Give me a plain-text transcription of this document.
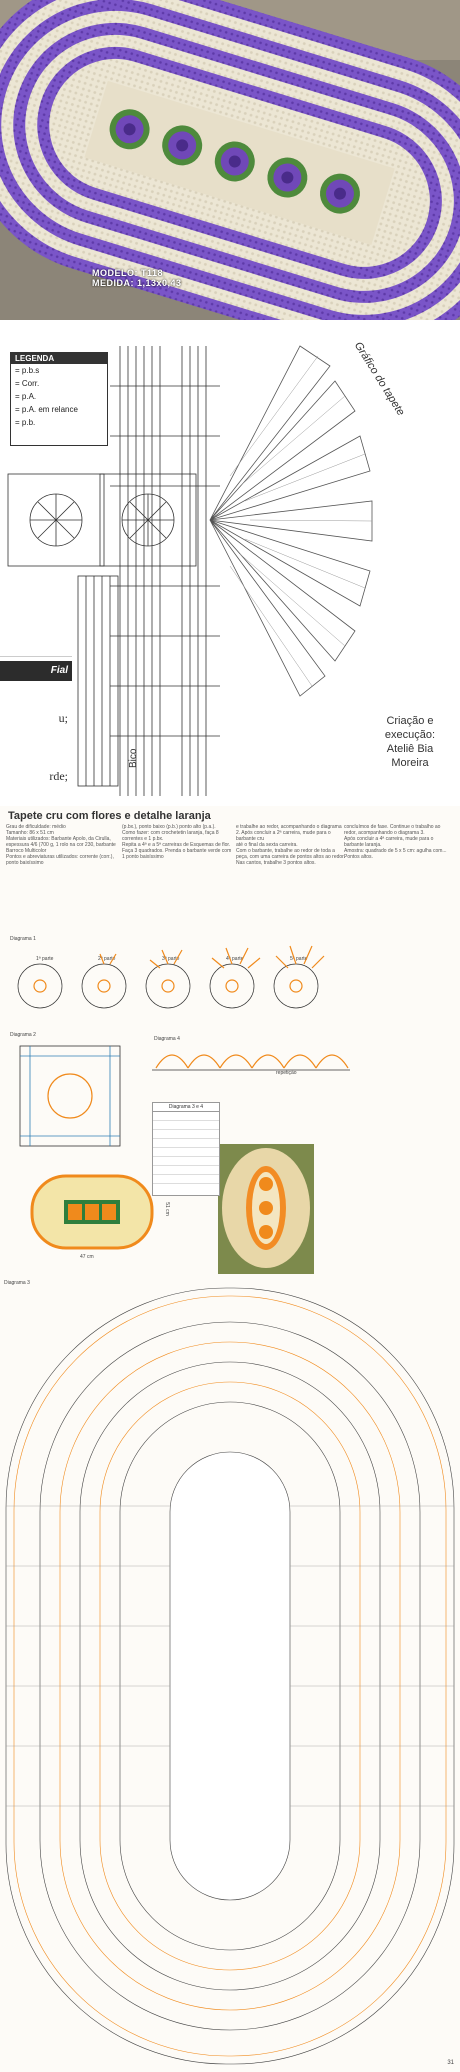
MODELO: T118
MEDIDA: 1,13x0,43
LEGENDA
= p.b.s
= Corr.
= p.A.
= p.A. em relance
= p.b.
Gráfico do tapete
Criação e
execução:
Ateliê Bia
Moreira
Bico
Fial
u;
rde;
Tapete cru com flores e detalhe laranja
Grau de dificuldade: médio
Tamanho: 86 x 51 cm
Materiais utilizados: Barbante Apolo, da Cirulla, espessura 4/6 (700 g, 1 rolo na cor 230, barbante Barroco Multicolor
Pontos e abreviaturas utilizados: corrente (corr.), ponto baixíssimo
(p.bx.), ponto baixo (p.b.) ponto alto (p.a.).
Como fazer: com crochetetin laranja, faça 8 correntes e 1 p.bx.
Repita a 4ª e a 5ª carreiras de Esquemas de flor.
Faça 3 quadrados. Prenda o barbante verde com 1 ponto baixíssimo
e trabalhe ao redor, acompanhando o diagrama 2. Após concluir a 2ª carreira, mude para o barbante cru
até o final da sexta carreira.
Com o barbante, trabalhe ao redor de toda a peça, com uma carreira de pontos altos ao redor.
Nas cantos, trabalhe 3 pontos altos.
concluímos de fase. Continue o trabalho ao redor, acompanhando o diagrama 3.
Após concluir a 4ª carreira, mude para o barbante laranja.
Amostra: quadrado de 5 x 5 cm: agulha com...
Pontos altos.
Diagrama 1
1ª parte	2ª parte	3ª parte	4ª parte	5ª parte
Diagrama 2
Diagrama 4
repetição
Diagrama 3
Diagrama 3 e 4
47 cm
51 cm
31
